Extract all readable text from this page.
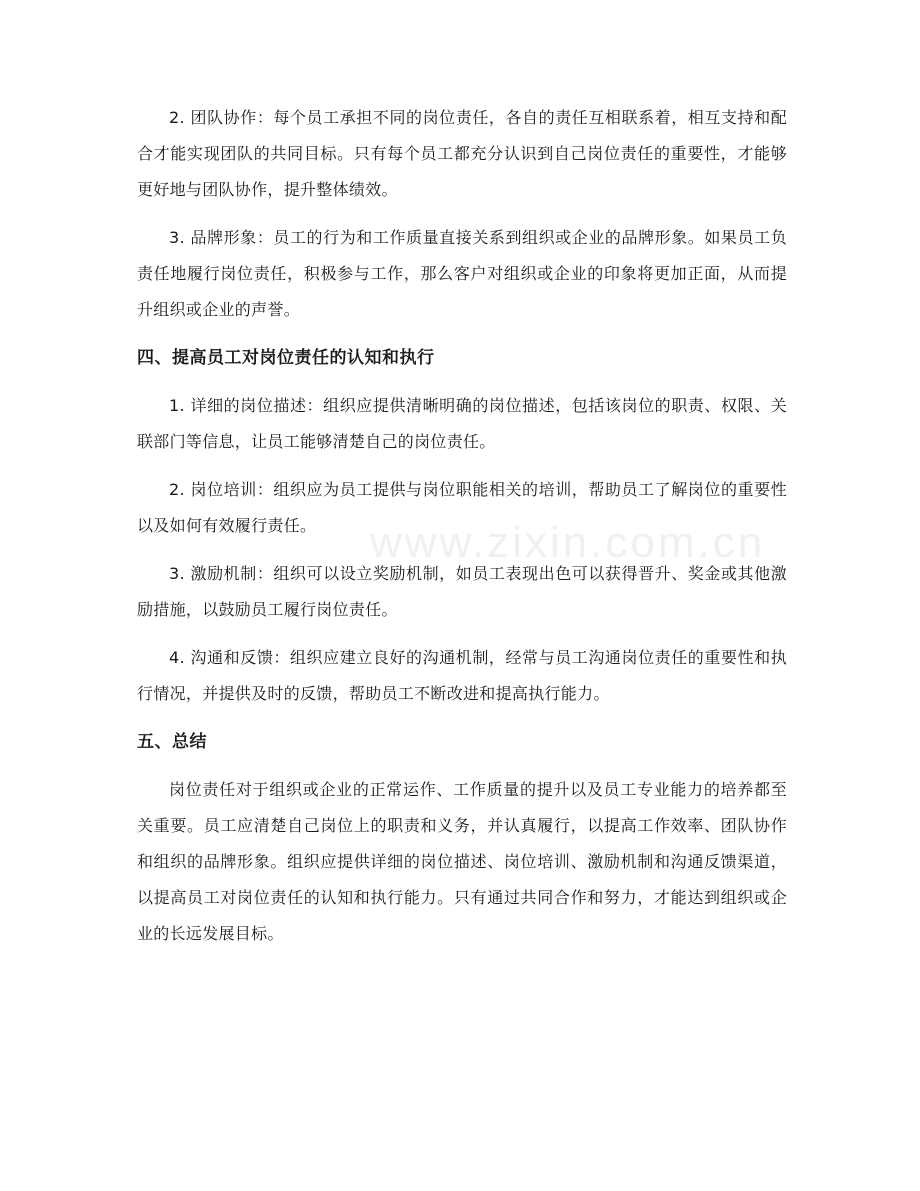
www.zixin.com.cn

2. 团队协作：每个员工承担不同的岗位责任，各自的责任互相联系着，相互支持和配合才能实现团队的共同目标。只有每个员工都充分认识到自己岗位责任的重要性，才能够更好地与团队协作，提升整体绩效。

3. 品牌形象：员工的行为和工作质量直接关系到组织或企业的品牌形象。如果员工负责任地履行岗位责任，积极参与工作，那么客户对组织或企业的印象将更加正面，从而提升组织或企业的声誉。

四、提高员工对岗位责任的认知和执行

1. 详细的岗位描述：组织应提供清晰明确的岗位描述，包括该岗位的职责、权限、关联部门等信息，让员工能够清楚自己的岗位责任。

2. 岗位培训：组织应为员工提供与岗位职能相关的培训，帮助员工了解岗位的重要性以及如何有效履行责任。

3. 激励机制：组织可以设立奖励机制，如员工表现出色可以获得晋升、奖金或其他激励措施，以鼓励员工履行岗位责任。

4. 沟通和反馈：组织应建立良好的沟通机制，经常与员工沟通岗位责任的重要性和执行情况，并提供及时的反馈，帮助员工不断改进和提高执行能力。

五、总结

岗位责任对于组织或企业的正常运作、工作质量的提升以及员工专业能力的培养都至关重要。员工应清楚自己岗位上的职责和义务，并认真履行，以提高工作效率、团队协作和组织的品牌形象。组织应提供详细的岗位描述、岗位培训、激励机制和沟通反馈渠道，以提高员工对岗位责任的认知和执行能力。只有通过共同合作和努力，才能达到组织或企业的长远发展目标。
